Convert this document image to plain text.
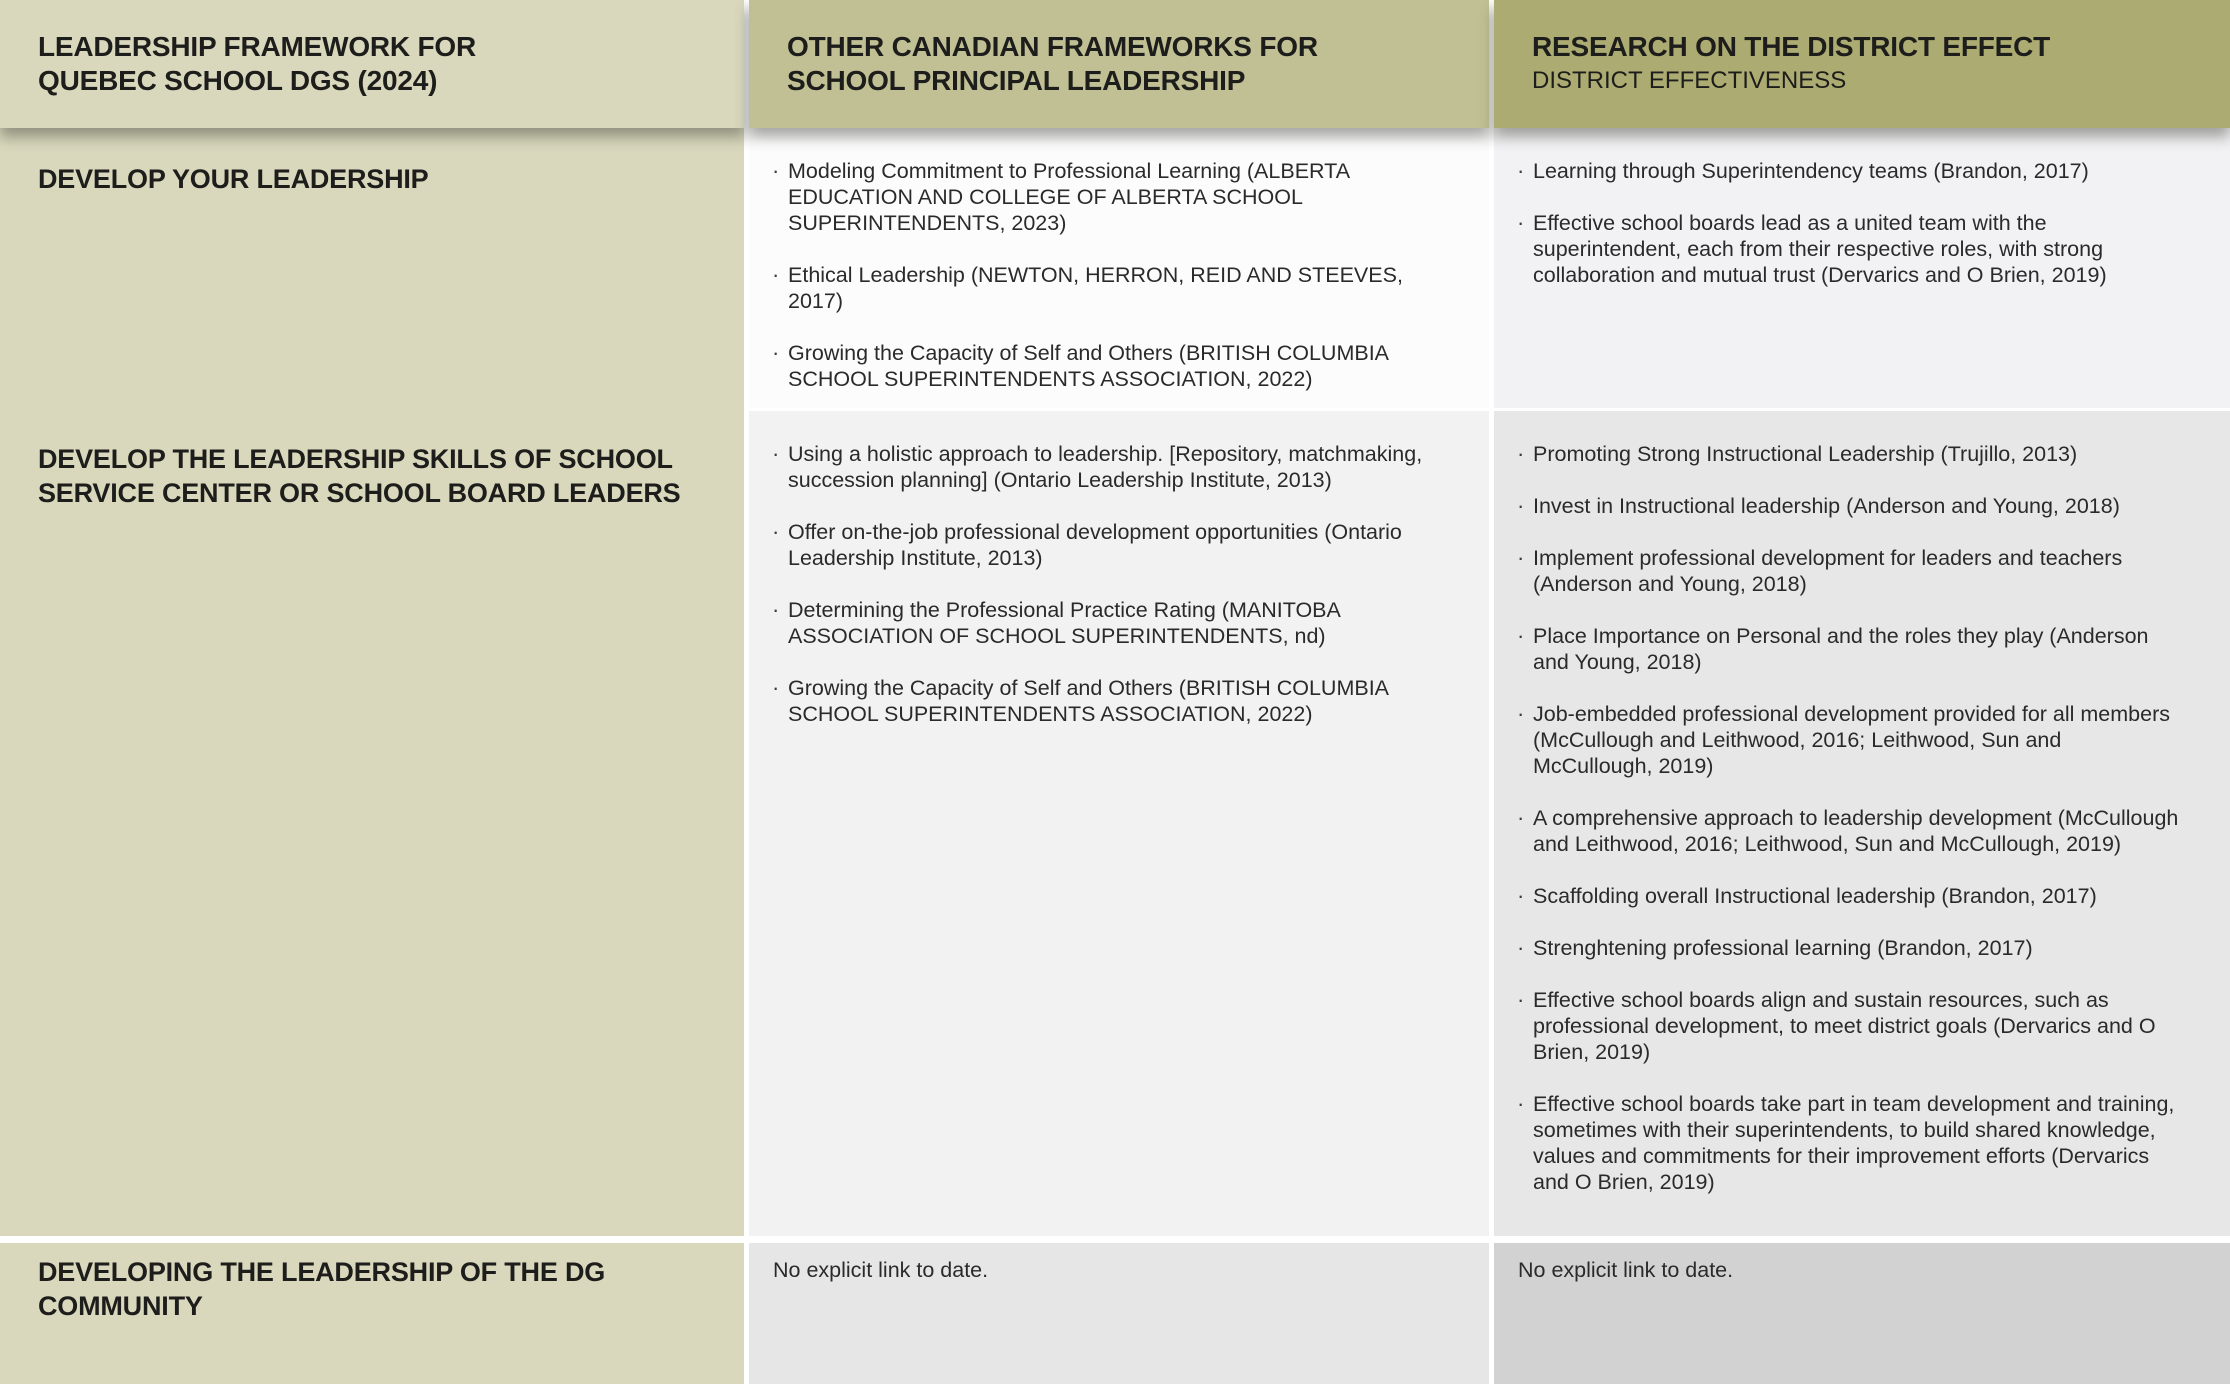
LEADERSHIP FRAMEWORK FOR QUEBEC SCHOOL DGS (2024)
OTHER CANADIAN FRAMEWORKS FOR SCHOOL PRINCIPAL LEADERSHIP
RESEARCH ON THE DISTRICT EFFECT
DISTRICT EFFECTIVENESS
DEVELOP YOUR LEADERSHIP	· Modeling Commitment to Professional Learning (ALBERTA EDUCATION AND COLLEGE OF ALBERTA SCHOOL SUPERINTENDENTS, 2023)
· Ethical Leadership (NEWTON, HERRON, REID AND STEEVES, 2017)
· Growing the Capacity of Self and Others (BRITISH COLUMBIA SCHOOL SUPERINTENDENTS ASSOCIATION, 2022)
· Learning through Superintendency teams (Brandon, 2017)
· Effective school boards lead as a united team with the superintendent, each from their respective roles, with strong collaboration and mutual trust (Dervarics and O Brien, 2019)
DEVELOP THE LEADERSHIP SKILLS OF SCHOOL SERVICE CENTER OR SCHOOL BOARD LEADERS
· Using a holistic approach to leadership. [Repository, matchmaking, succession planning] (Ontario Leadership Institute, 2013)
· Offer on-the-job professional development opportunities (Ontario Leadership Institute, 2013)
· Determining the Professional Practice Rating (MANITOBA ASSOCIATION OF SCHOOL SUPERINTENDENTS, nd)
· Growing the Capacity of Self and Others (BRITISH COLUMBIA SCHOOL SUPERINTENDENTS ASSOCIATION, 2022)
· Promoting Strong Instructional Leadership (Trujillo, 2013)
· Invest in Instructional leadership (Anderson and Young, 2018)
· Implement professional development for leaders and teachers (Anderson and Young, 2018)
· Place Importance on Personal and the roles they play (Anderson and Young, 2018)
· Job-embedded professional development provided for all members (McCullough and Leithwood, 2016; Leithwood, Sun and McCullough, 2019)
· A comprehensive approach to leadership development (McCullough and Leithwood, 2016; Leithwood, Sun and McCullough, 2019)
· Scaffolding overall Instructional leadership (Brandon, 2017)
· Strenghtening professional learning (Brandon, 2017)
· Effective school boards align and sustain resources, such as professional development, to meet district goals (Dervarics and O Brien, 2019)
· Effective school boards take part in team development and training, sometimes with their superintendents, to build shared knowledge, values and commitments for their improvement efforts (Dervarics and O Brien, 2019)
DEVELOPING THE LEADERSHIP OF THE DG COMMUNITY
No explicit link to date.	No explicit link to date.
